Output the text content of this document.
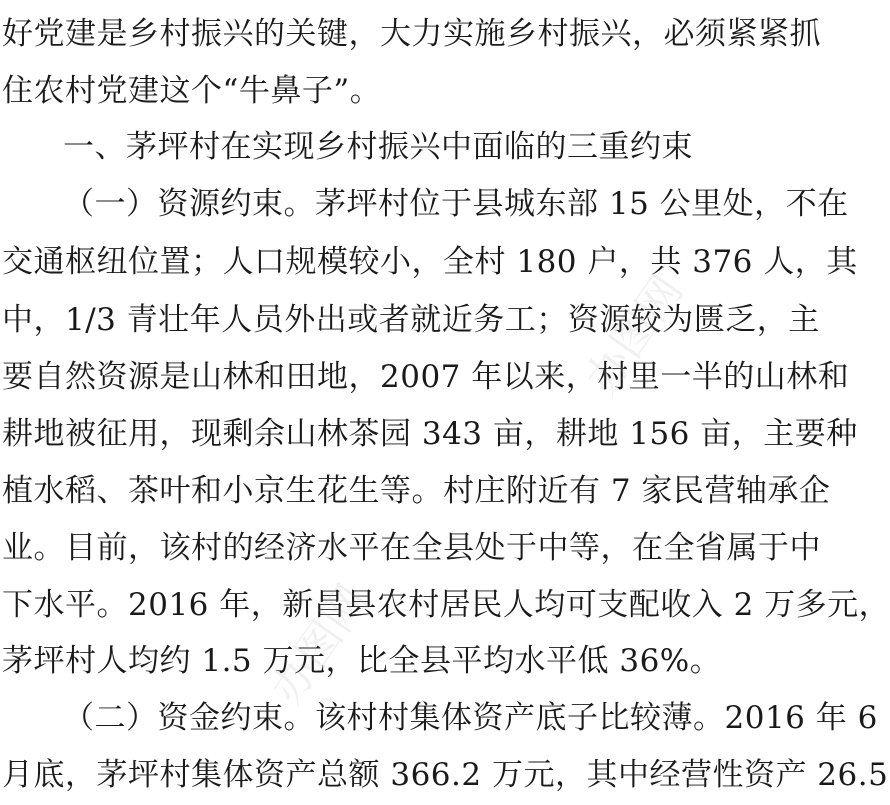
好党建是乡村振兴的关键，大力实施乡村振兴，必须紧紧抓
住农村党建这个“牛鼻子”。
一、茅坪村在实现乡村振兴中面临的三重约束
（一）资源约束。茅坪村位于县城东部 15 公里处，不在
交通枢纽位置；人口规模较小，全村 180 户，共 376 人，其
中，1/3 青壮年人员外出或者就近务工；资源较为匮乏，主
要自然资源是山林和田地，2007 年以来，村里一半的山林和
耕地被征用，现剩余山林茶园 343 亩，耕地 156 亩，主要种
植水稻、茶叶和小京生花生等。村庄附近有 7 家民营轴承企
业。目前，该村的经济水平在全县处于中等，在全省属于中
下水平。2016 年，新昌县农村居民人均可支配收入 2 万多元，
茅坪村人均约 1.5 万元，比全县平均水平低 36%。
（二）资金约束。该村村集体资产底子比较薄。2016 年 6
月底，茅坪村集体资产总额 366.2 万元，其中经营性资产 26.5
办图网
办图网
